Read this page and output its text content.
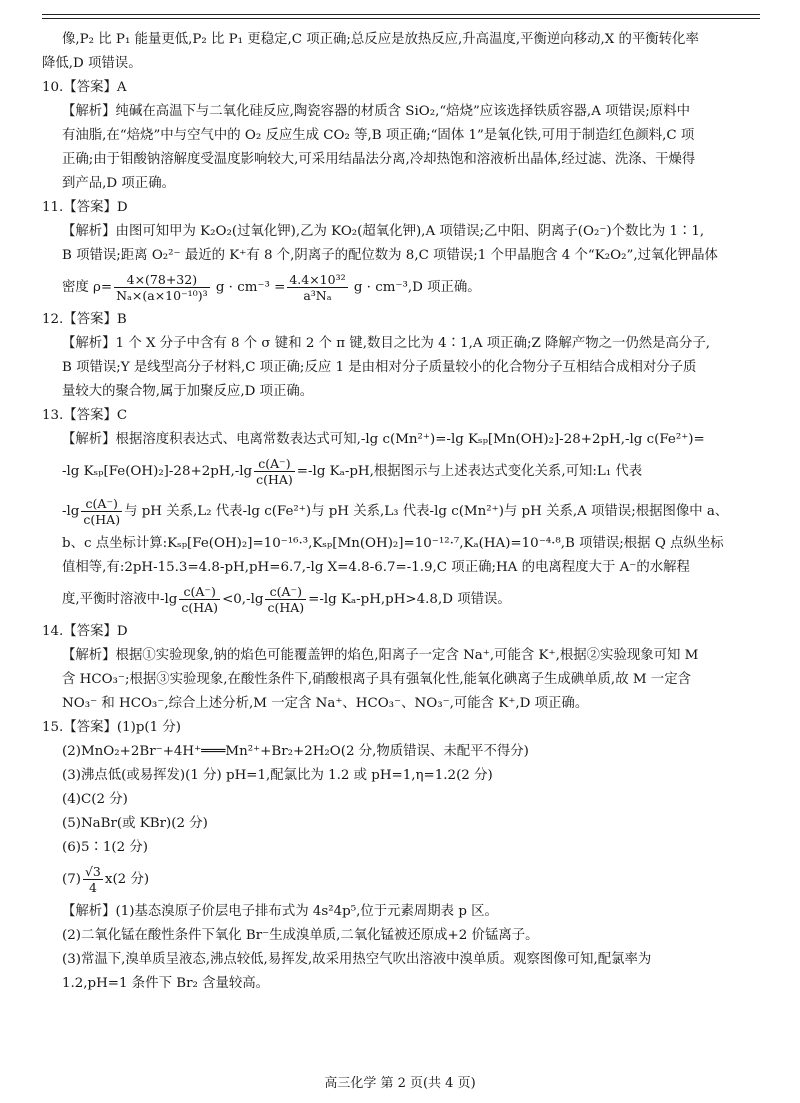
像,P₂ 比 P₁ 能量更低,P₂ 比 P₁ 更稳定,C 项正确;总反应是放热反应,升高温度,平衡逆向移动,X 的平衡转化率
降低,D 项错误。
10.【答案】A
【解析】纯碱在高温下与二氧化硅反应,陶瓷容器的材质含 SiO₂,“焙烧”应该选择铁质容器,A 项错误;原料中
有油脂,在“焙烧”中与空气中的 O₂ 反应生成 CO₂ 等,B 项正确;“固体 1”是氧化铁,可用于制造红色颜料,C 项
正确;由于钼酸钠溶解度受温度影响较大,可采用结晶法分离,冷却热饱和溶液析出晶体,经过滤、洗涤、干燥得
到产品,D 项正确。
11.【答案】D
【解析】由图可知甲为 K₂O₂(过氧化钾),乙为 KO₂(超氧化钾),A 项错误;乙中阳、阴离子(O₂⁻)个数比为 1∶1,
B 项错误;距离 O₂²⁻ 最近的 K⁺有 8 个,阴离子的配位数为 8,C 项错误;1 个甲晶胞含 4 个“K₂O₂”,过氧化钾晶体
密度 $\rho= \frac{4\times(78+32)}{\text{Nₐ×(a×10⁻¹⁰)³}}$ $g \cdot cm^{-3} = \frac{\text{4.4×10³²}}{\text{a³Nₐ}}$ g · cm⁻³,D 项正确。
12.【答案】B
【解析】1 个 X 分子中含有 8 个 σ 键和 2 个 π 键,数目之比为 4∶1,A 项正确;Z 降解产物之一仍然是高分子,
B 项错误;Y 是线型高分子材料,C 项正确;反应 1 是由相对分子质量较小的化合物分子互相结合成相对分子质
量较大的聚合物,属于加聚反应,D 项正确。
13.【答案】C
【解析】根据溶度积表达式、电离常数表达式可知,-lg c(Mn²⁺)=-lg Kₛₚ[Mn(OH)₂]-28+2pH,-lg c(Fe²⁺)=
-lg $K_{sp}[Fe(OH)_2]-28+2pH,-\lg \frac{c(A^-)}{c(HA)} =-\lg$ Kₐ-pH,根据图示与上述表达式变化关系,可知:L₁ 代表
$-\lg \frac{c(A^-)}{c(HA)}$ 与 pH 关系,L₂ 代表-lg c(Fe²⁺)与 pH 关系,L₃ 代表-lg c(Mn²⁺)与 pH 关系,A 项错误;根据图像中 a、
b、c 点坐标计算:Kₛₚ[Fe(OH)₂]=10⁻¹⁶·³,Kₛₚ[Mn(OH)₂]=10⁻¹²·⁷,Kₐ(HA)=10⁻⁴·⁸,B 项错误;根据 Q 点纵坐标
值相等,有:2pH-15.3=4.8-pH,pH=6.7,-lg X=4.8-6.7=-1.9,C 项正确;HA 的电离程度大于 A⁻的水解程
度,平衡时溶液中$-\lg \frac{c(A^-)}{c(HA)} <0,-\lg \frac{c(A^-)}{c(HA)} =-\lg$ Kₐ-pH,pH>4.8,D 项错误。
14.【答案】D
【解析】根据①实验现象,钠的焰色可能覆盖钾的焰色,阳离子一定含 Na⁺,可能含 K⁺,根据②实验现象可知 M
含 HCO₃⁻;根据③实验现象,在酸性条件下,硝酸根离子具有强氧化性,能氧化碘离子生成碘单质,故 M 一定含
NO₃⁻ 和 HCO₃⁻,综合上述分析,M 一定含 Na⁺、HCO₃⁻、NO₃⁻,可能含 K⁺,D 项正确。
15.【答案】(1)p(1 分)
(2)MnO₂+2Br⁻+4H⁺═══Mn²⁺+Br₂+2H₂O(2 分,物质错误、未配平不得分)
(3)沸点低(或易挥发)(1 分) pH=1,配氯比为 1.2 或 pH=1,η=1.2(2 分)
(4)C(2 分)
(5)NaBr(或 KBr)(2 分)
(6)5∶1(2 分)
$(7) \frac{√3}{4} x(2$ 分)
【解析】(1)基态溴原子价层电子排布式为 4s²4p⁵,位于元素周期表 p 区。
(2)二氧化锰在酸性条件下氧化 Br⁻生成溴单质,二氧化锰被还原成+2 价锰离子。
(3)常温下,溴单质呈液态,沸点较低,易挥发,故采用热空气吹出溶液中溴单质。观察图像可知,配氯率为
1.2,pH=1 条件下 Br₂ 含量较高。
高三化学 第 2 页(共 4 页)
